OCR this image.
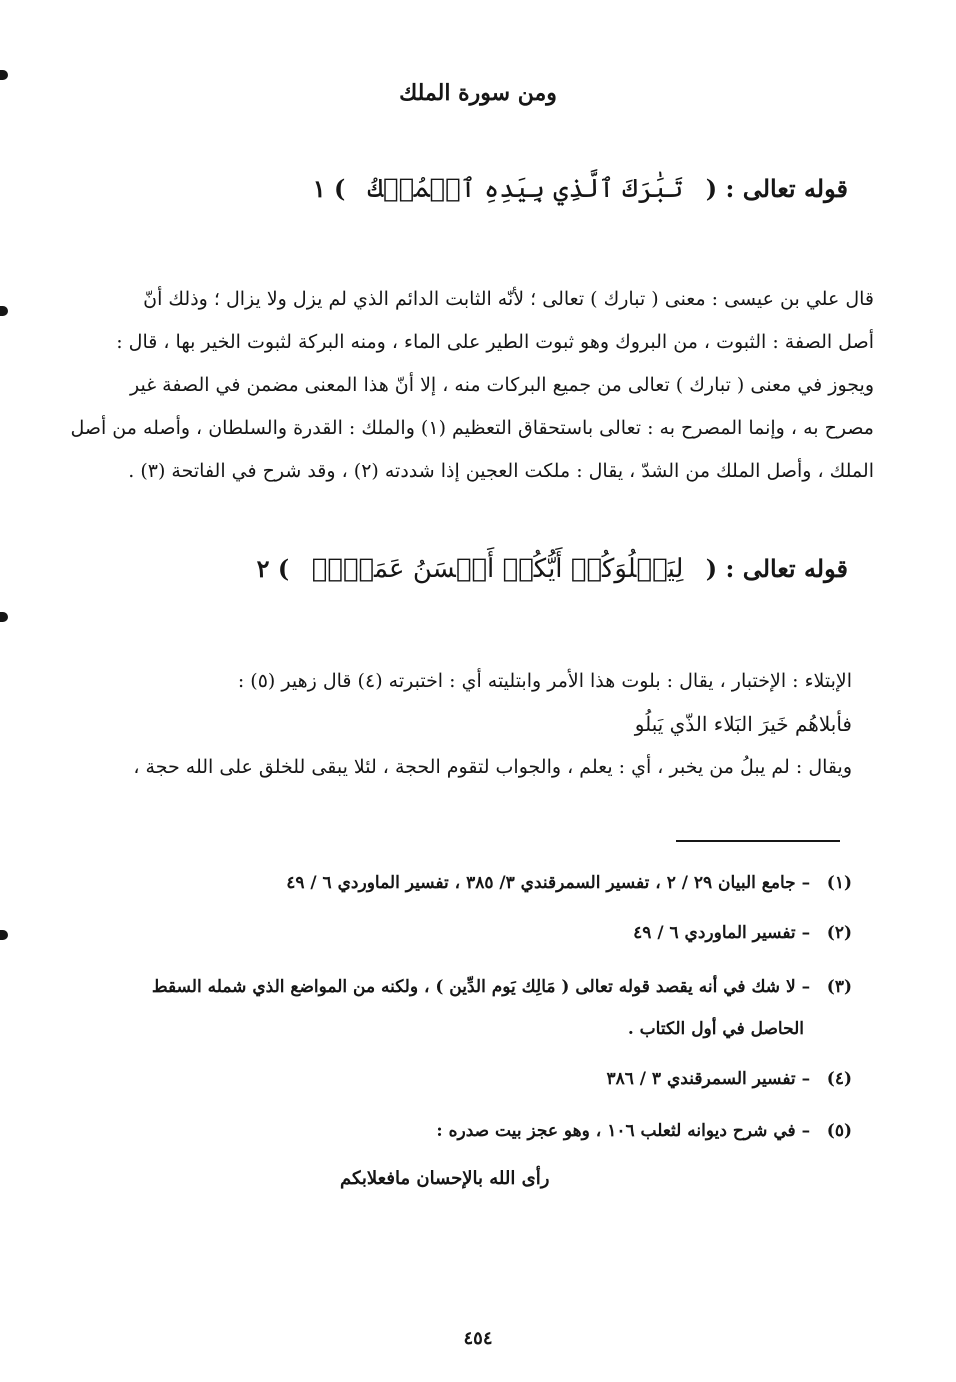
ومن سورة الملك
قوله تعالى : ( تَبَٰرَكَ ٱلَّذِي بِيَدِهِ ٱلۡمُلۡكُ ) ١

قال علي بن عيسى : معنى ( تبارك ) تعالى ؛ لأنّه الثابت الدائم الذي لم يزل ولا يزال ؛ وذلك أنّ

أصل الصفة : الثبوت ، من البروك وهو ثبوت الطير على الماء ، ومنه البركة لثبوت الخير بها ، قال :

ويجوز في معنى ( تبارك ) تعالى من جميع البركات منه ، إلا أنّ هذا المعنى مضمن في الصفة غير

مصرح به ، وإنما المصرح به : تعالى باستحقاق التعظيم (١) والملك : القدرة والسلطان ، وأصله من أصل

الملك ، وأصل الملك من الشدّ ، يقال : ملكت العجين إذا شددته (٢) ، وقد شرح في الفاتحة (٣) .

قوله تعالى : ( لِيَبۡلُوَكُمۡ أَيُّكُمۡ أَحۡسَنُ عَمَلٗاۚ ) ٢

الإبتلاء : الإختبار ، يقال : بلوت هذا الأمر وابتليته أي : اختبرته (٤) قال زهير (٥) :

فأبلاهُم خَيرَ البَلاء الذّي يَبلُو

ويقال : لم يبلُ من يخبر ، أي : يعلم ، والجواب لتقوم الحجة ، لئلا يبقى للخلق على الله حجة ،

(١) – جامع البيان ٢٩ / ٢ ، تفسير السمرقندي ٣/ ٣٨٥ ، تفسير الماوردي ٦ / ٤٩
(٢) – تفسير الماوردي ٦ / ٤٩
(٣) – لا شك في أنه يقصد قوله تعالى ( مَالِك يَوم الدِّين ) ، ولكنه من المواضع الذي شمله السقط
الحاصل في أول الكتاب .
(٤) – تفسير السمرقندي ٣ / ٣٨٦
(٥) – في شرح ديوانه لثعلب ١٠٦ ، وهو عجز بيت صدره :
رأى الله بالإحسان مافعلابكم
٤٥٤
